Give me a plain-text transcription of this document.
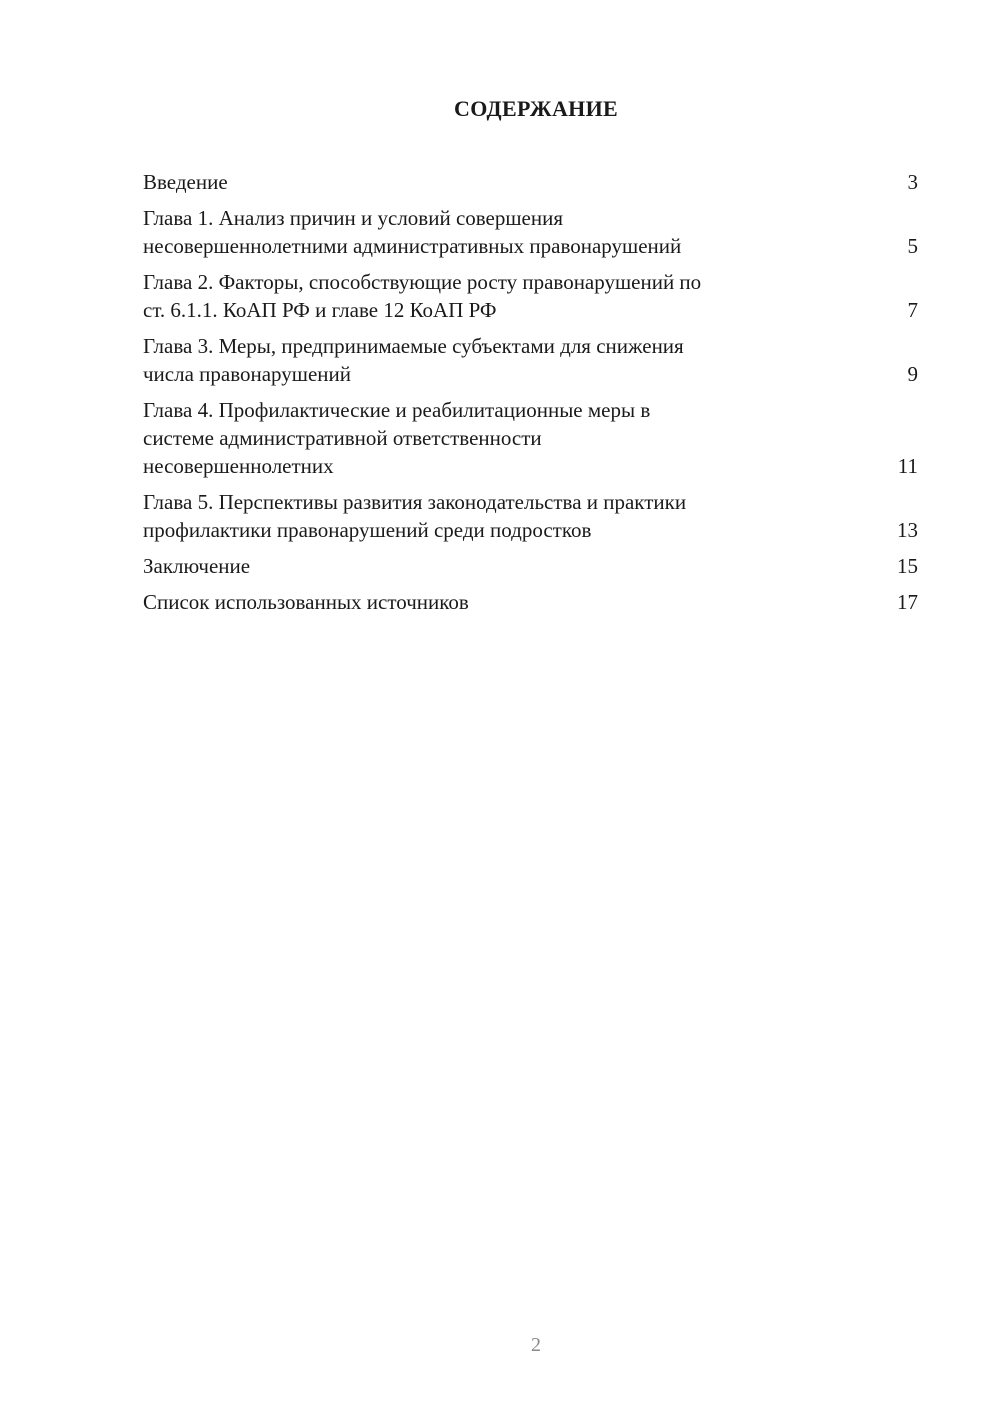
СОДЕРЖАНИЕ
Введение	3
Глава 1. Анализ причин и условий совершения
несовершеннолетними административных правонарушений	5
Глава 2. Факторы, способствующие росту правонарушений по
ст. 6.1.1. КоАП РФ и главе 12 КоАП РФ	7
Глава 3. Меры, предпринимаемые субъектами для снижения
числа правонарушений	9
Глава 4. Профилактические и реабилитационные меры в
системе административной ответственности
несовершеннолетних	11
Глава 5. Перспективы развития законодательства и практики
профилактики правонарушений среди подростков	13
Заключение	15
Список использованных источников	17
2
